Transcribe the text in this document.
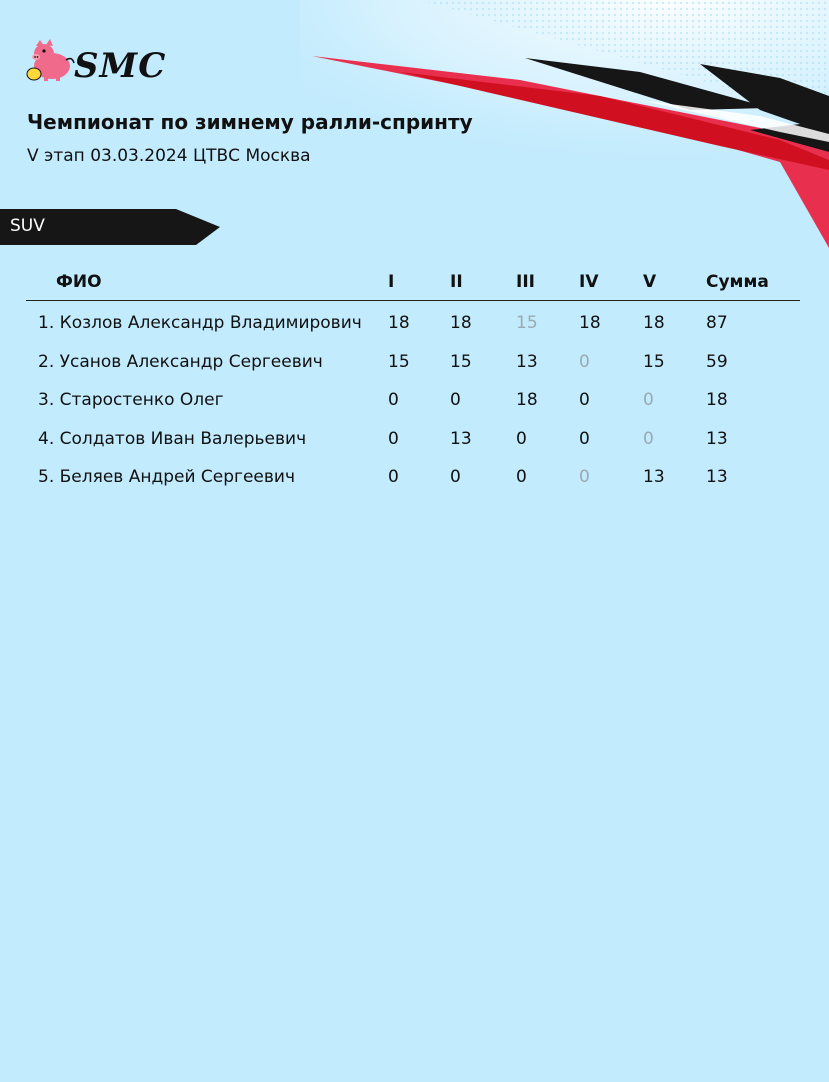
SMC
Чемпионат по зимнему ралли-спринту
V этап 03.03.2024 ЦТВС Москва
SUV
ФИО	I	II	III	IV	V	Сумма
1. Козлов Александр Владимирович 18 18	15 18 18 87
2. Усанов Александр Сергеевич	15 15	13 0	15 59
3. Старостенко Олег	0	0	18 0	0	18
4. Солдатов Иван Валерьевич	0	13	0	0	0	13
5. Беляев Андрей Сергеевич	0	0	0	0	13 13
